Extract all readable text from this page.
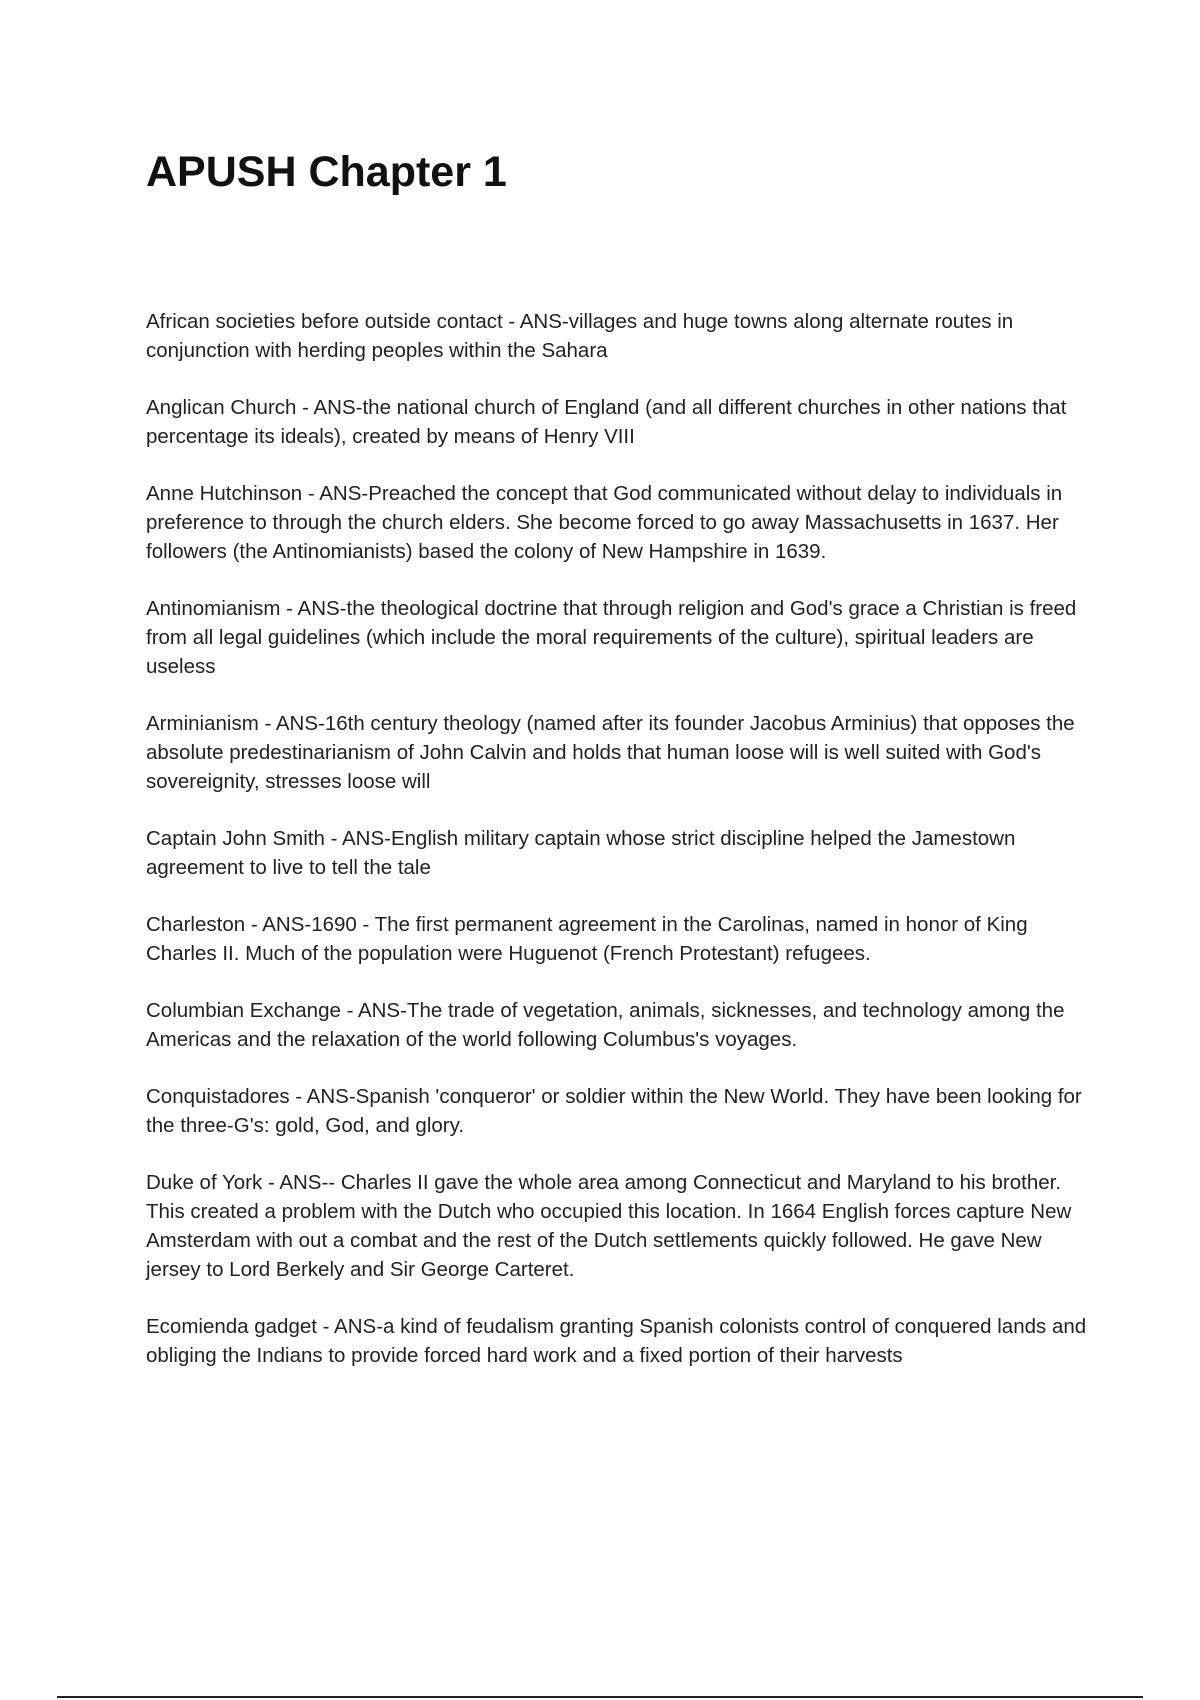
APUSH Chapter 1

African societies before outside contact - ANS-villages and huge towns along alternate routes in conjunction with herding peoples within the Sahara

Anglican Church - ANS-the national church of England (and all different churches in other nations that percentage its ideals), created by means of Henry VIII

Anne Hutchinson - ANS-Preached the concept that God communicated without delay to individuals in preference to through the church elders. She become forced to go away Massachusetts in 1637. Her followers (the Antinomianists) based the colony of New Hampshire in 1639.

Antinomianism - ANS-the theological doctrine that through religion and God's grace a Christian is freed from all legal guidelines (which include the moral requirements of the culture), spiritual leaders are useless

Arminianism - ANS-16th century theology (named after its founder Jacobus Arminius) that opposes the absolute predestinarianism of John Calvin and holds that human loose will is well suited with God's sovereignity, stresses loose will

Captain John Smith - ANS-English military captain whose strict discipline helped the Jamestown agreement to live to tell the tale

Charleston - ANS-1690 - The first permanent agreement in the Carolinas, named in honor of King Charles II. Much of the population were Huguenot (French Protestant) refugees.

Columbian Exchange - ANS-The trade of vegetation, animals, sicknesses, and technology among the Americas and the relaxation of the world following Columbus's voyages.

Conquistadores - ANS-Spanish 'conqueror' or soldier within the New World. They have been looking for the three-G's: gold, God, and glory.

Duke of York - ANS-- Charles II gave the whole area among Connecticut and Maryland to his brother. This created a problem with the Dutch who occupied this location. In 1664 English forces capture New Amsterdam with out a combat and the rest of the Dutch settlements quickly followed. He gave New jersey to Lord Berkely and Sir George Carteret.

Ecomienda gadget - ANS-a kind of feudalism granting Spanish colonists control of conquered lands and obliging the Indians to provide forced hard work and a fixed portion of their harvests
